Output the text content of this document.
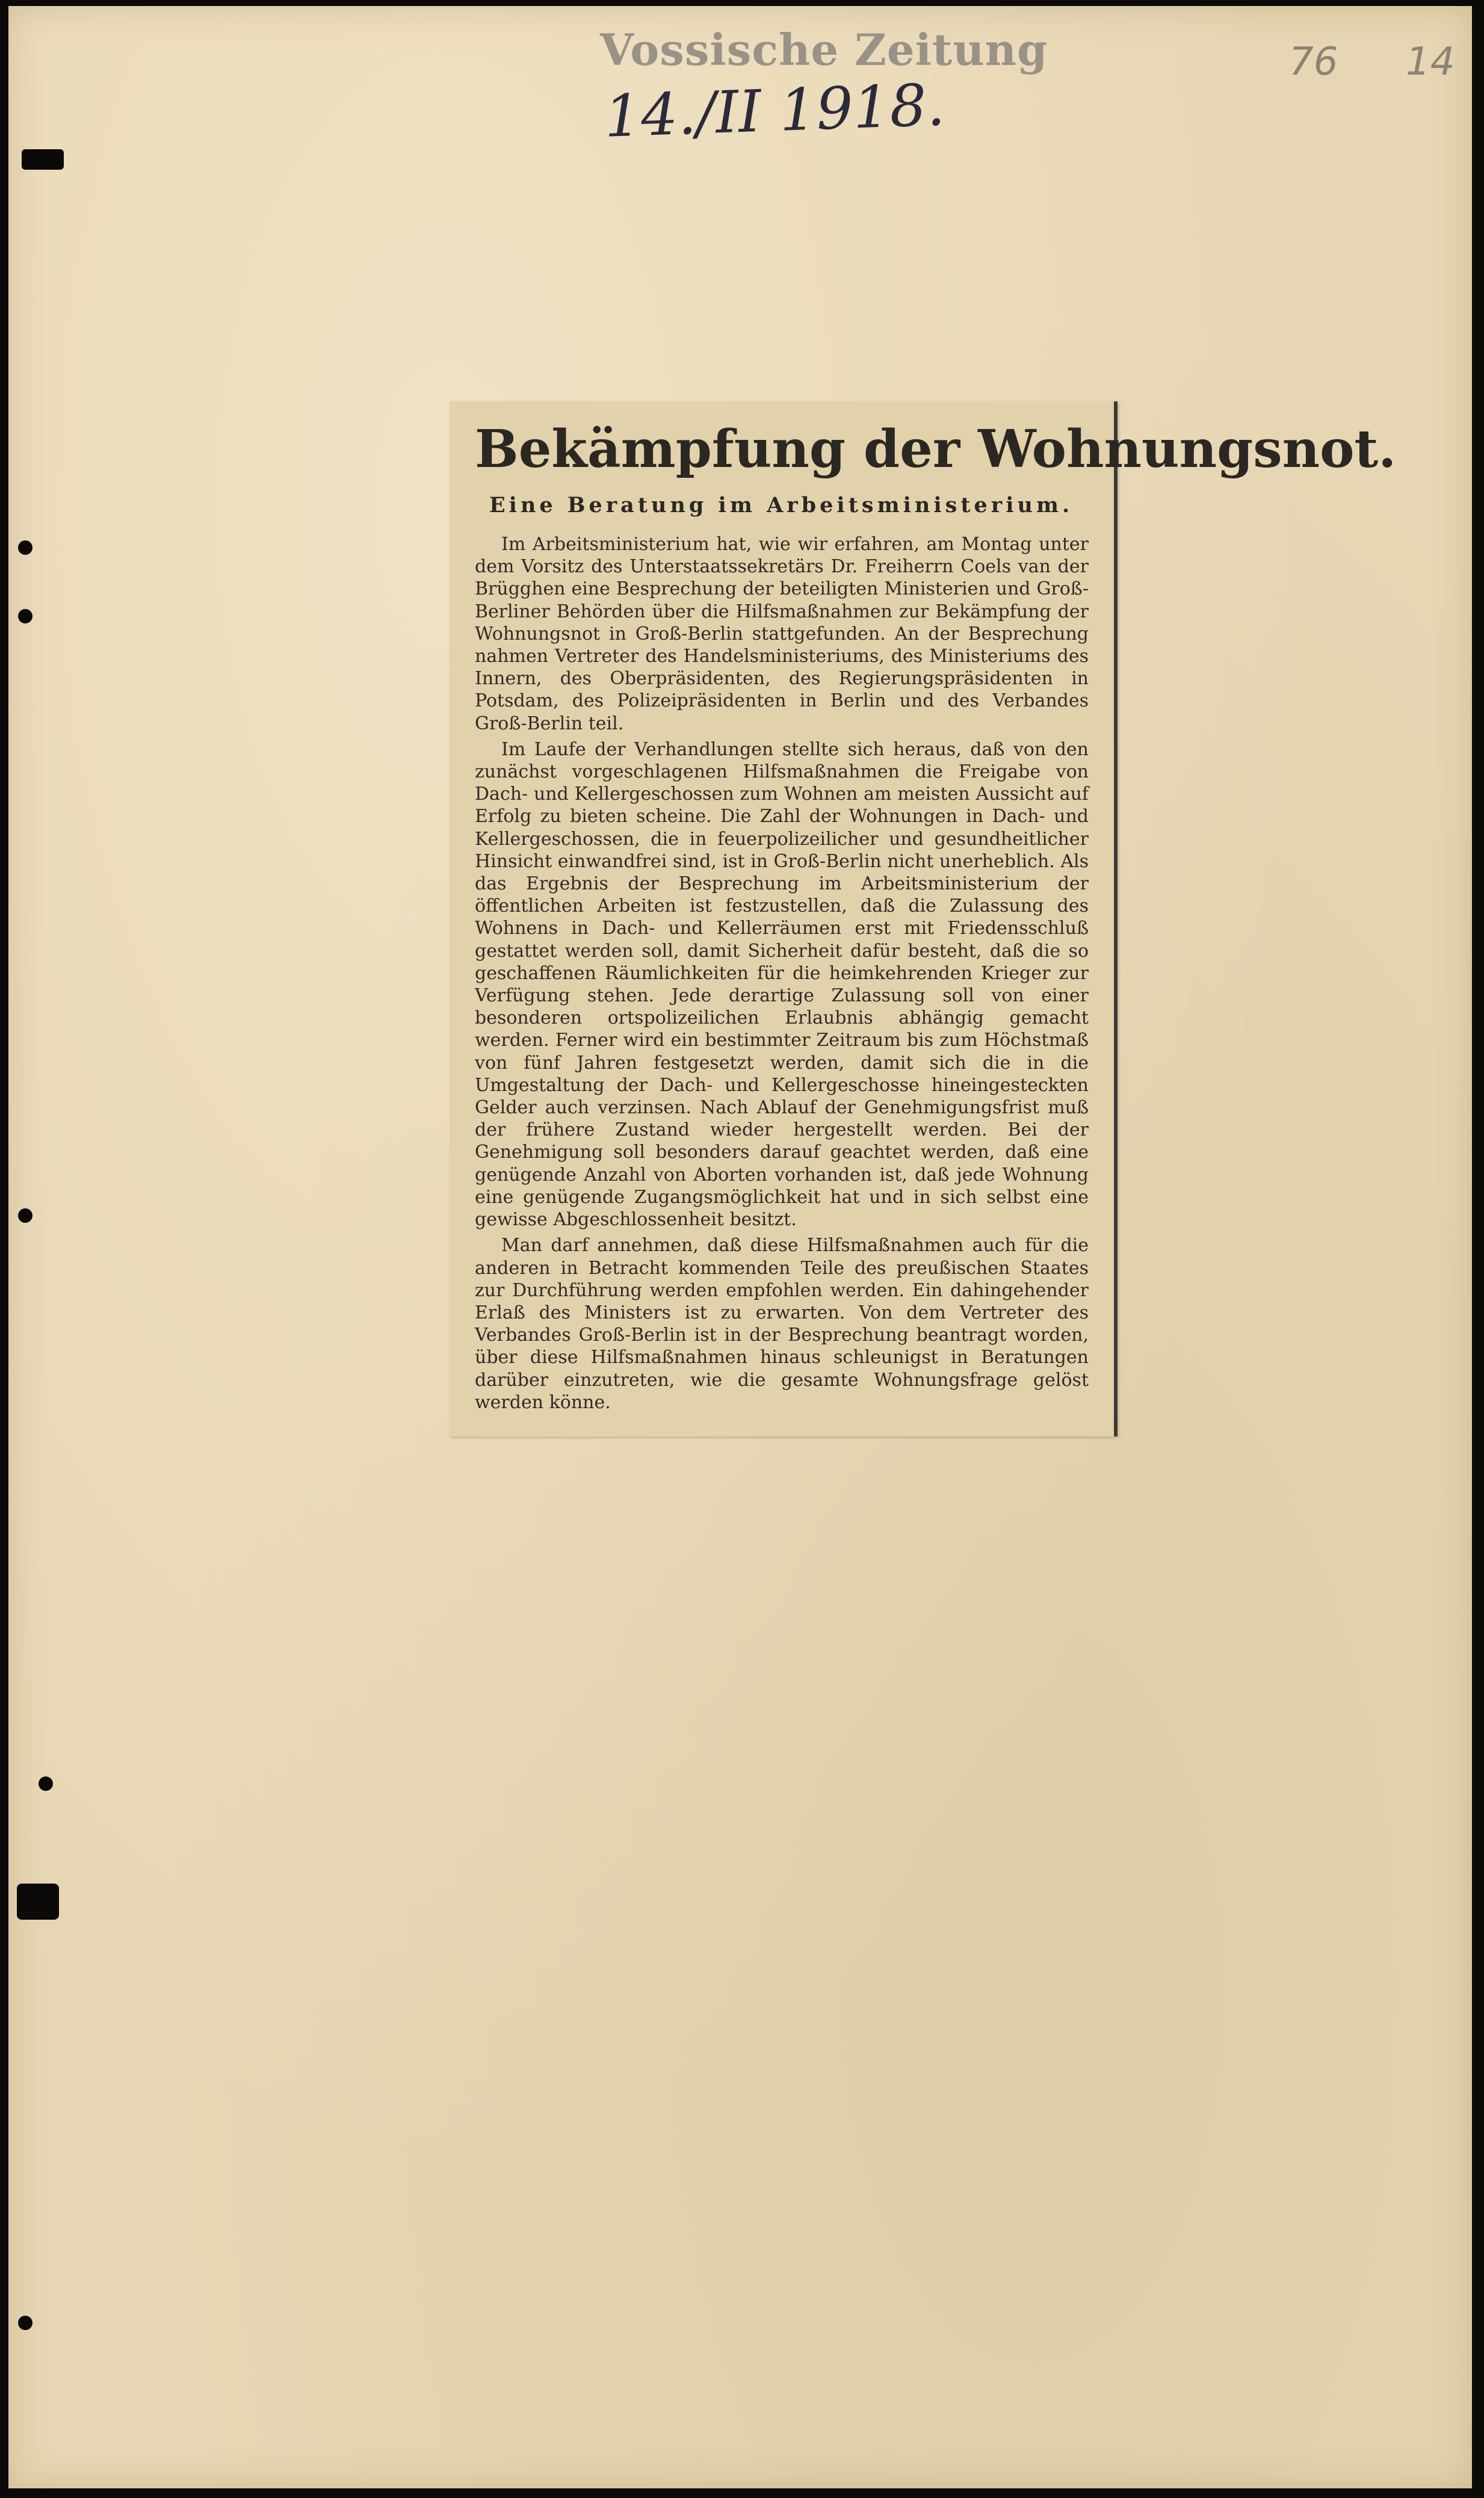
Vossische Zeitung
14./II 1918.
76 14
Bekämpfung der Wohnungsnot.
Eine Beratung im Arbeitsministerium.

Im Arbeitsministerium hat, wie wir erfahren, am Montag unter dem Vorsitz des Unterstaatssekretärs Dr. Freiherrn Coels van der Brügghen eine Besprechung der beteiligten Ministerien und Groß-Berliner Behörden über die Hilfsmaßnahmen zur Bekämpfung der Wohnungsnot in Groß-Berlin stattgefunden. An der Besprechung nahmen Vertreter des Handelsministeriums, des Ministeriums des Innern, des Oberpräsidenten, des Regierungspräsidenten in Potsdam, des Polizeipräsidenten in Berlin und des Verbandes Groß-Berlin teil.

Im Laufe der Verhandlungen stellte sich heraus, daß von den zunächst vorgeschlagenen Hilfsmaßnahmen die Freigabe von Dach- und Kellergeschossen zum Wohnen am meisten Aussicht auf Erfolg zu bieten scheine. Die Zahl der Wohnungen in Dach- und Kellergeschossen, die in feuerpolizeilicher und gesundheitlicher Hinsicht einwandfrei sind, ist in Groß-Berlin nicht unerheblich. Als das Ergebnis der Besprechung im Arbeitsministerium der öffentlichen Arbeiten ist festzustellen, daß die Zulassung des Wohnens in Dach- und Kellerräumen erst mit Friedensschluß gestattet werden soll, damit Sicherheit dafür besteht, daß die so geschaffenen Räumlichkeiten für die heimkehrenden Krieger zur Verfügung stehen. Jede derartige Zulassung soll von einer besonderen ortspolizeilichen Erlaubnis abhängig gemacht werden. Ferner wird ein bestimmter Zeitraum bis zum Höchstmaß von fünf Jahren festgesetzt werden, damit sich die in die Umgestaltung der Dach- und Kellergeschosse hineingesteckten Gelder auch verzinsen. Nach Ablauf der Genehmigungsfrist muß der frühere Zustand wieder hergestellt werden. Bei der Genehmigung soll besonders darauf geachtet werden, daß eine genügende Anzahl von Aborten vorhanden ist, daß jede Wohnung eine genügende Zugangsmöglichkeit hat und in sich selbst eine gewisse Abgeschlossenheit besitzt.

Man darf annehmen, daß diese Hilfsmaßnahmen auch für die anderen in Betracht kommenden Teile des preußischen Staates zur Durchführung werden empfohlen werden. Ein dahingehender Erlaß des Ministers ist zu erwarten. Von dem Vertreter des Verbandes Groß-Berlin ist in der Besprechung beantragt worden, über diese Hilfsmaßnahmen hinaus schleunigst in Beratungen darüber einzutreten, wie die gesamte Wohnungsfrage gelöst werden könne.
